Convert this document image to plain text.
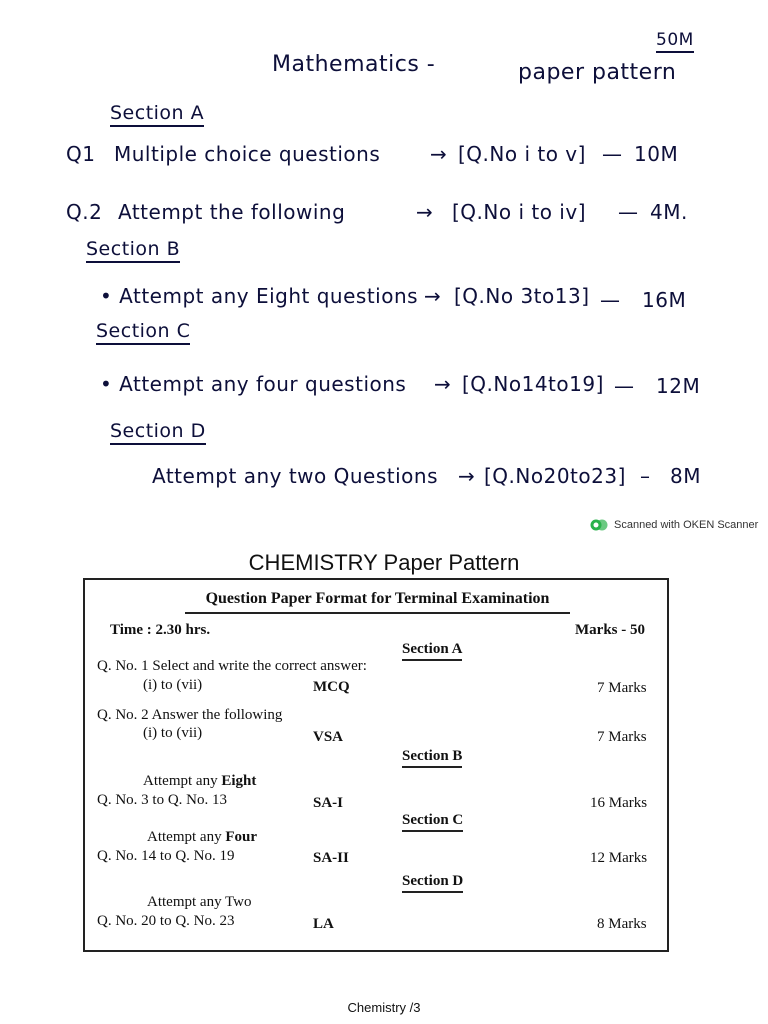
50M
Mathematics -	paper pattern
Section A
Q1 Multiple choice questions → [Q.No i to v] — 10M
Q.2 Attempt the following	→ [Q.No i to iv] — 4M.
Section B
• Attempt any Eight questions → [Q.No 3to13] — 16M
Section C
• Attempt any four questions → [Q.No14to19] — 12M
Section D
Attempt any two Questions → [Q.No20to23] – 8M
Scanned with OKEN Scanner
CHEMISTRY Paper Pattern
Question Paper Format for Terminal Examination
Time : 2.30 hrs.	Marks - 50
Section A
Q. No. 1 Select and write the correct answer:
(i) to (vii)	MCQ	7 Marks
Q. No. 2 Answer the following
(i) to (vii)	VSA	7 Marks
Section B
Attempt any Eight
Q. No. 3 to Q. No. 13	SA-I	16 Marks
Section C
Attempt any Four
Q. No. 14 to Q. No. 19	SA-II	12 Marks
Section D
Attempt any Two
Q. No. 20 to Q. No. 23	LA	8 Marks
Chemistry /3
